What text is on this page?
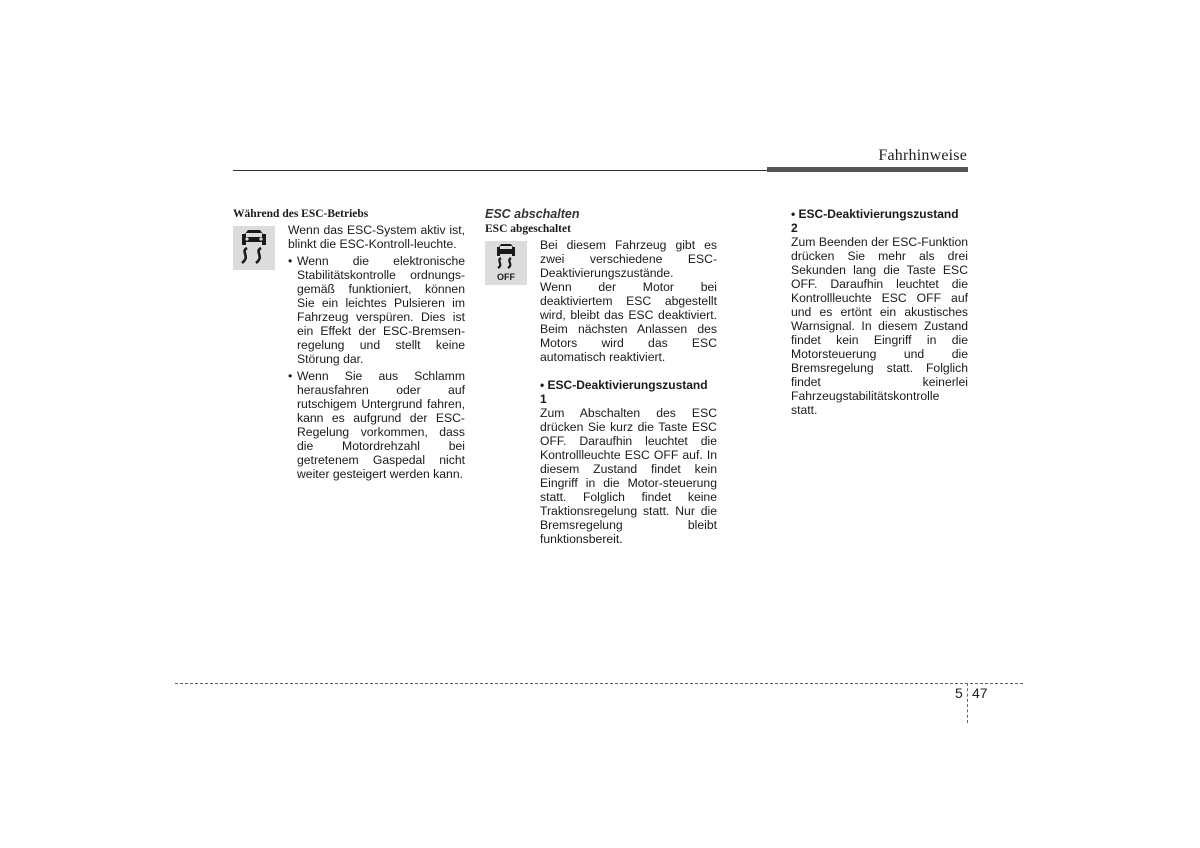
Fahrhinweise

Während des ESC-Betriebs

Wenn das ESC-System aktiv ist, blinkt die ESC-Kontroll-leuchte.

• Wenn die elektronische Stabilitätskontrolle ordnungs-gemäß funktioniert, können Sie ein leichtes Pulsieren im Fahrzeug verspüren. Dies ist ein Effekt der ESC-Bremsen-regelung und stellt keine Störung dar.
• Wenn Sie aus Schlamm herausfahren oder auf rutschigem Untergrund fahren, kann es aufgrund der ESC-Regelung vorkommen, dass die Motordrehzahl bei getretenem Gaspedal nicht weiter gesteigert werden kann.

ESC abschalten

ESC abgeschaltet

OFF

Bei diesem Fahrzeug gibt es zwei verschiedene ESC-Deaktivierungszustände.

Wenn der Motor bei deaktiviertem ESC abgestellt wird, bleibt das ESC deaktiviert. Beim nächsten Anlassen des Motors wird das ESC automatisch reaktiviert.

• ESC-Deaktivierungszustand 1

Zum Abschalten des ESC drücken Sie kurz die Taste ESC OFF. Daraufhin leuchtet die Kontrollleuchte ESC OFF auf. In diesem Zustand findet kein Eingriff in die Motor-steuerung statt. Folglich findet keine Traktionsregelung statt. Nur die Bremsregelung bleibt funktionsbereit.

• ESC-Deaktivierungszustand 2

Zum Beenden der ESC-Funktion drücken Sie mehr als drei Sekunden lang die Taste ESC OFF. Daraufhin leuchtet die Kontrollleuchte ESC OFF auf und es ertönt ein akustisches Warnsignal. In diesem Zustand findet kein Eingriff in die Motorsteuerung und die Bremsregelung statt. Folglich findet keinerlei Fahrzeugstabilitätskontrolle statt.

5 47
